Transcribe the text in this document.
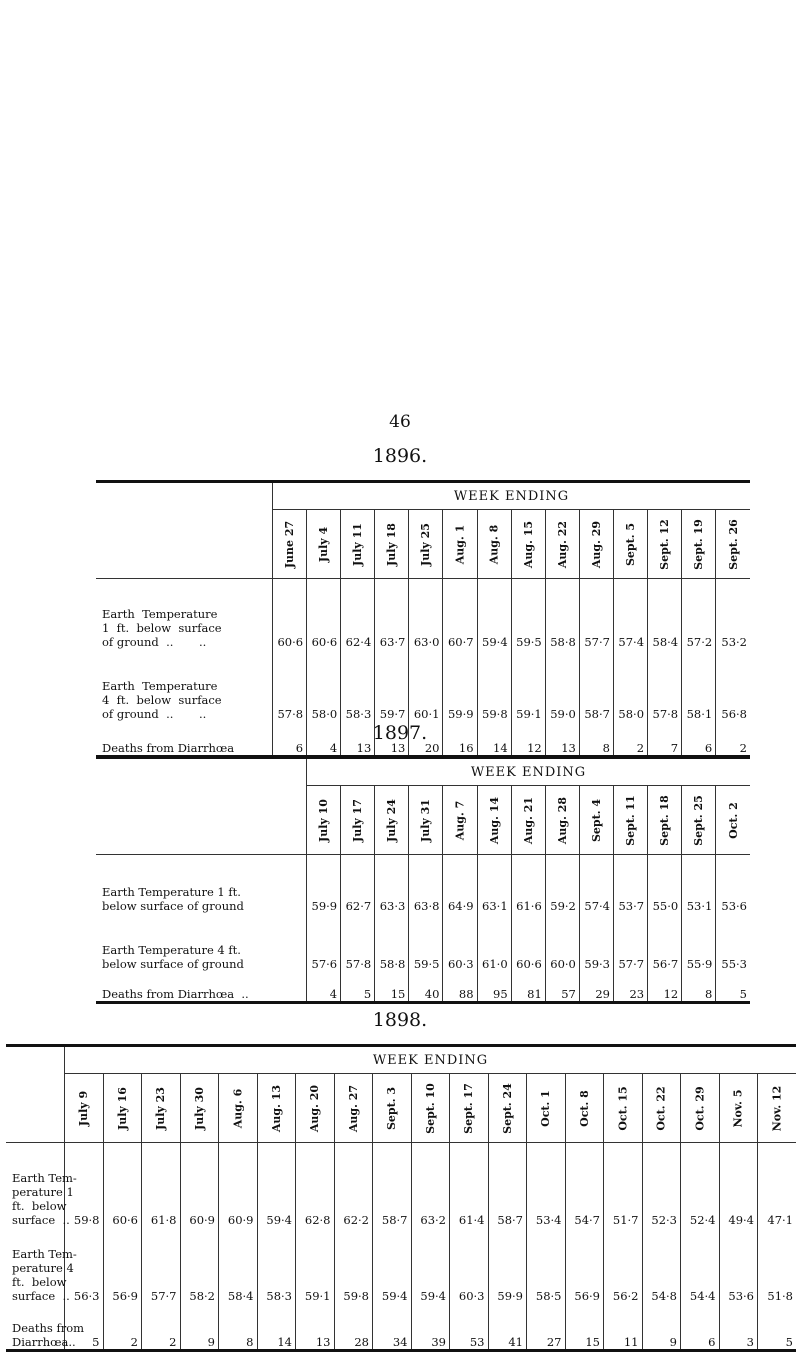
46
1896.
	WEEK ENDING													

	June 27	July 4	July 11	July 18	July 25	Aug. 1	Aug. 8	Aug. 15	Aug. 22	Aug. 29	Sept. 5	Sept. 12	Sept. 19	Sept. 26

Earth  Temperature
1  ft.  below  surface
of ground  ..       ..	60·6	60·6	62·4	63·7	63·0	60·7	59·4	59·5	58·8	57·7	57·4	58·4	57·2	53·2

Earth  Temperature
4  ft.  below  surface
of ground  ..       ..	57·8	58·0	58·3	59·7	60·1	59·9	59·8	59·1	59·0	58·7	58·0	57·8	58·1	56·8

Deaths from Diarrhœa	6	4	13	13	20	16	14	12	13	8	2	7	6	2
1897.
	WEEK ENDING												

	July 10	July 17	July 24	July 31	Aug. 7	Aug. 14	Aug. 21	Aug. 28	Sept. 4	Sept. 11	Sept. 18	Sept. 25	Oct. 2

Earth Temperature 1 ft.
below surface of ground	59·9	62·7	63·3	63·8	64·9	63·1	61·6	59·2	57·4	53·7	55·0	53·1	53·6

Earth Temperature 4 ft.
below surface of ground	57·6	57·8	58·8	59·5	60·3	61·0	60·6	60·0	59·3	57·7	56·7	55·9	55·3

Deaths from Diarrhœa  ..	4	5	15	40	88	95	81	57	29	23	12	8	5
1898.
	WEEK ENDING																		

	July 9	July 16	July 23	July 30	Aug. 6	Aug. 13	Aug. 20	Aug. 27	Sept. 3	Sept. 10	Sept. 17	Sept. 24	Oct. 1	Oct. 8	Oct. 15	Oct. 22	Oct. 29	Nov. 5	Nov. 12

Earth Tem-
perature 1
ft.  below
surface  ..	59·8	60·6	61·8	60·9	60·9	59·4	62·8	62·2	58·7	63·2	61·4	58·7	53·4	54·7	51·7	52·3	52·4	49·4	47·1

Earth Tem-
perature 4
ft.  below
surface  ..	56·3	56·9	57·7	58·2	58·4	58·3	59·1	59·8	59·4	59·4	60·3	59·9	58·5	56·9	56·2	54·8	54·4	53·6	51·8

Deaths from
Diarrhœa..	5	2	2	9	8	14	13	28	34	39	53	41	27	15	11	9	6	3	5
